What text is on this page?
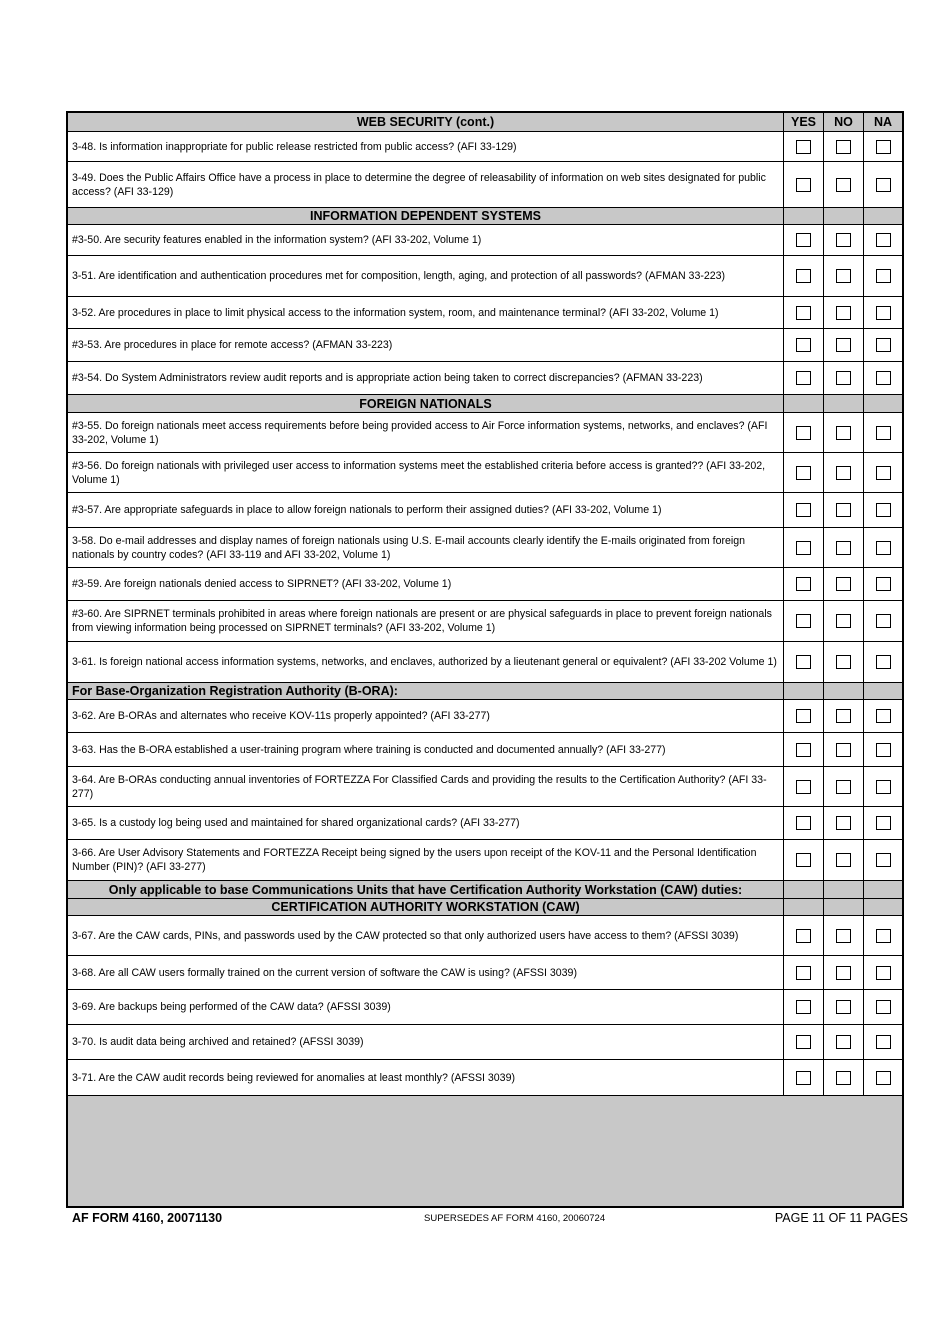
WEB SECURITY (cont.)	YES	NO	NA
3-48. Is information inappropriate for public release restricted from public access? (AFI 33-129)
3-49. Does the Public Affairs Office have a process in place to determine the degree of releasability of information on web sites designated for public access? (AFI 33-129)
INFORMATION DEPENDENT SYSTEMS
#3-50. Are security features enabled in the information system? (AFI 33-202, Volume 1)
3-51. Are identification and authentication procedures met for composition, length, aging, and protection of all passwords? (AFMAN 33-223)
3-52. Are procedures in place to limit physical access to the information system, room, and maintenance terminal? (AFI 33-202, Volume 1)
#3-53. Are procedures in place for remote access? (AFMAN 33-223)
#3-54. Do System Administrators review audit reports and is appropriate action being taken to correct discrepancies? (AFMAN 33-223)
FOREIGN NATIONALS
#3-55. Do foreign nationals meet access requirements before being provided access to Air Force information systems, networks, and enclaves? (AFI 33-202, Volume 1)
#3-56. Do foreign nationals with privileged user access to information systems meet the established criteria before access is granted?? (AFI 33-202, Volume 1)
#3-57. Are appropriate safeguards in place to allow foreign nationals to perform their assigned duties? (AFI 33-202, Volume 1)
3-58. Do e-mail addresses and display names of foreign nationals using U.S. E-mail accounts clearly identify the E-mails originated from foreign nationals by country codes? (AFI 33-119 and AFI 33-202, Volume 1)
#3-59. Are foreign nationals denied access to SIPRNET? (AFI 33-202, Volume 1)
#3-60. Are SIPRNET terminals prohibited in areas where foreign nationals are present or are physical safeguards in place to prevent foreign nationals from viewing information being processed on SIPRNET terminals? (AFI 33-202, Volume 1)
3-61. Is foreign national access information systems, networks, and enclaves, authorized by a lieutenant general or equivalent? (AFI 33-202 Volume 1)
For Base-Organization Registration Authority (B-ORA):
3-62. Are B-ORAs and alternates who receive KOV-11s properly appointed? (AFI 33-277)
3-63. Has the B-ORA established a user-training program where training is conducted and documented annually? (AFI 33-277)
3-64. Are B-ORAs conducting annual inventories of FORTEZZA For Classified Cards and providing the results to the Certification Authority? (AFI 33-277)
3-65. Is a custody log being used and maintained for shared organizational cards? (AFI 33-277)
3-66. Are User Advisory Statements and FORTEZZA Receipt being signed by the users upon receipt of the KOV-11 and the Personal Identification Number (PIN)? (AFI 33-277)
Only applicable to base Communications Units that have Certification Authority Workstation (CAW) duties:
CERTIFICATION AUTHORITY WORKSTATION (CAW)
3-67. Are the CAW cards, PINs, and passwords used by the CAW protected so that only authorized users have access to them? (AFSSI 3039)
3-68. Are all CAW users formally trained on the current version of software the CAW is using? (AFSSI 3039)
3-69. Are backups being performed of the CAW data? (AFSSI 3039)
3-70. Is audit data being archived and retained? (AFSSI 3039)
3-71. Are the CAW audit records being reviewed for anomalies at least monthly? (AFSSI 3039)
AF FORM 4160, 20071130	SUPERSEDES AF FORM 4160, 20060724	PAGE 11 OF 11 PAGES
